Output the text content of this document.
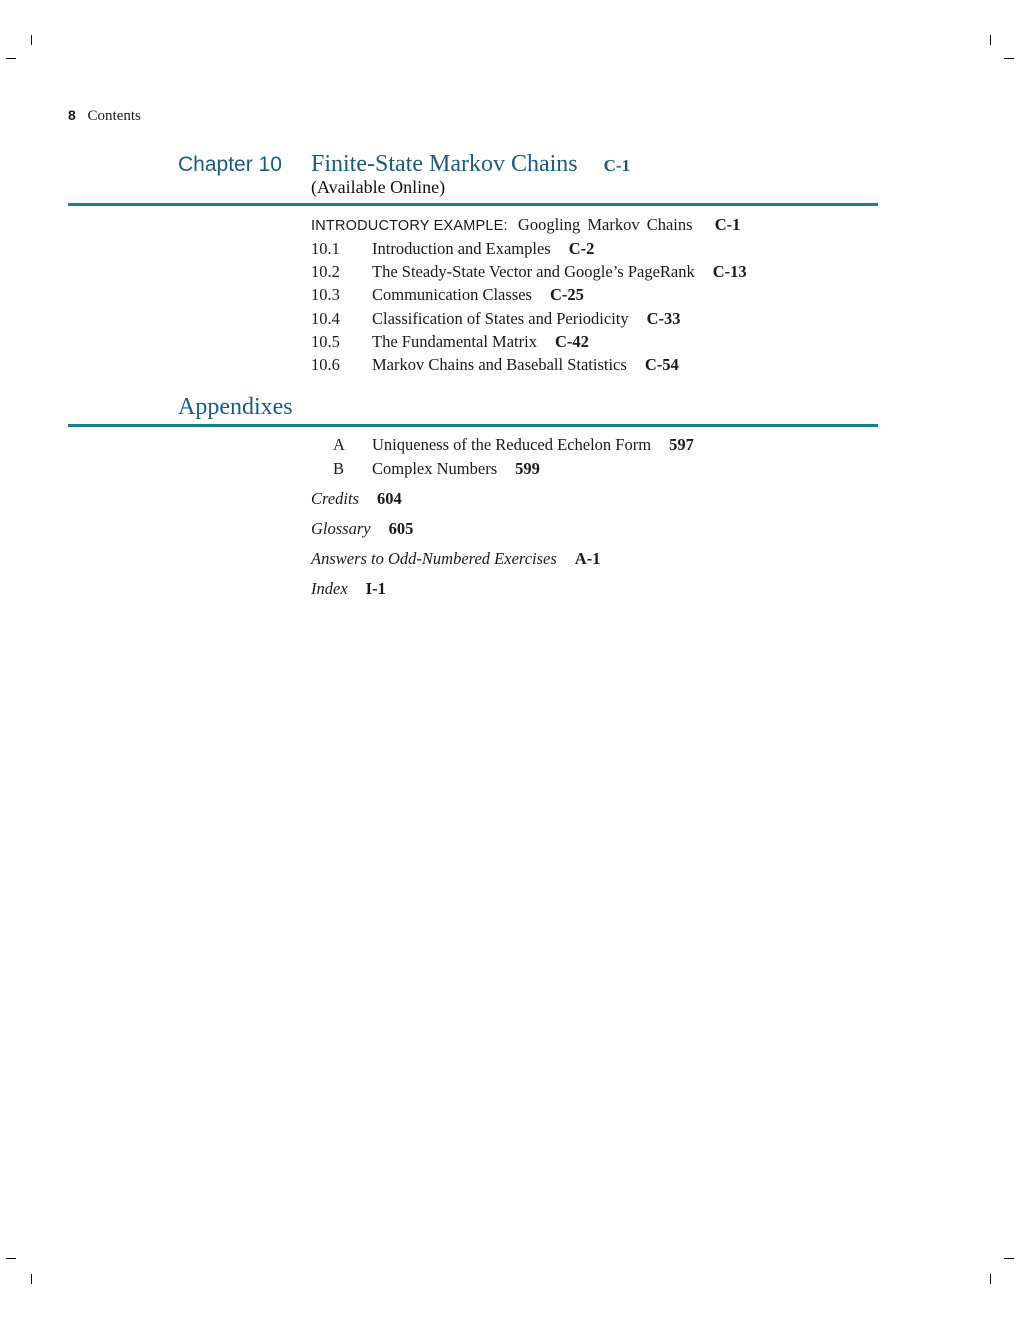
8 Contents
Chapter 10 Finite-State Markov Chains C-1
(Available Online)
INTRODUCTORY EXAMPLE: Googling Markov Chains C-1
10.1 Introduction and Examples C-2
10.2 The Steady-State Vector and Google’s PageRank C-13
10.3 Communication Classes C-25
10.4 Classification of States and Periodicity C-33
10.5 The Fundamental Matrix C-42
10.6 Markov Chains and Baseball Statistics C-54
Appendixes
A Uniqueness of the Reduced Echelon Form 597
B Complex Numbers 599
Credits 604
Glossary 605
Answers to Odd-Numbered Exercises A-1
Index I-1
